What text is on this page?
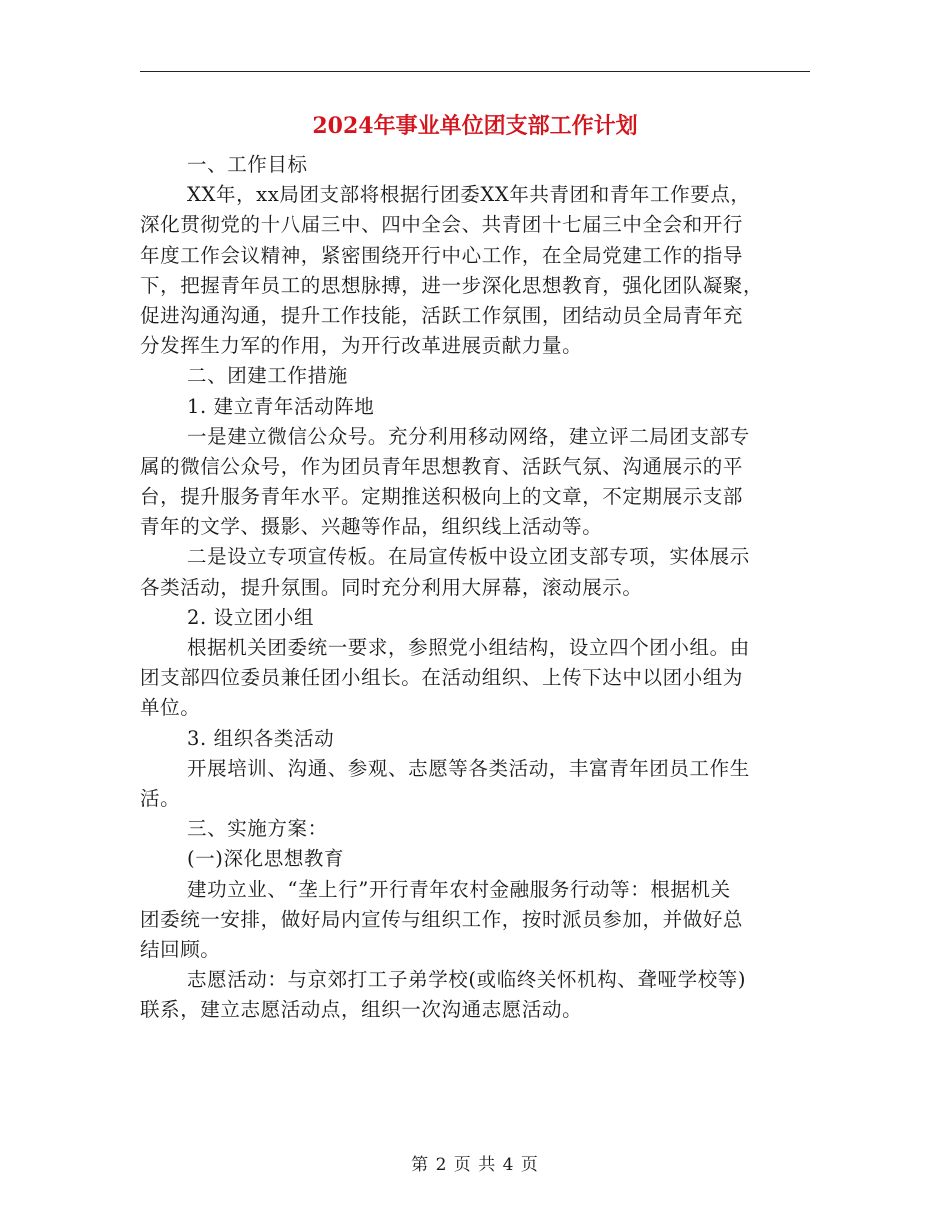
2024年事业单位团支部工作计划
一、工作目标
XX年，xx局团支部将根据行团委XX年共青团和青年工作要点，
深化贯彻党的十八届三中、四中全会、共青团十七届三中全会和开行
年度工作会议精神，紧密围绕开行中心工作，在全局党建工作的指导
下，把握青年员工的思想脉搏，进一步深化思想教育，强化团队凝聚，
促进沟通沟通，提升工作技能，活跃工作氛围，团结动员全局青年充
分发挥生力军的作用，为开行改革进展贡献力量。
二、团建工作措施
1. 建立青年活动阵地
一是建立微信公众号。充分利用移动网络，建立评二局团支部专
属的微信公众号，作为团员青年思想教育、活跃气氛、沟通展示的平
台，提升服务青年水平。定期推送积极向上的文章，不定期展示支部
青年的文学、摄影、兴趣等作品，组织线上活动等。
二是设立专项宣传板。在局宣传板中设立团支部专项，实体展示
各类活动，提升氛围。同时充分利用大屏幕，滚动展示。
2. 设立团小组
根据机关团委统一要求，参照党小组结构，设立四个团小组。由
团支部四位委员兼任团小组长。在活动组织、上传下达中以团小组为
单位。
3. 组织各类活动
开展培训、沟通、参观、志愿等各类活动，丰富青年团员工作生
活。
三、实施方案：
(一)深化思想教育
建功立业、“垄上行”开行青年农村金融服务行动等：根据机关
团委统一安排，做好局内宣传与组织工作，按时派员参加，并做好总
结回顾。
志愿活动：与京郊打工子弟学校(或临终关怀机构、聋哑学校等)
联系，建立志愿活动点，组织一次沟通志愿活动。
第 2 页 共 4 页
